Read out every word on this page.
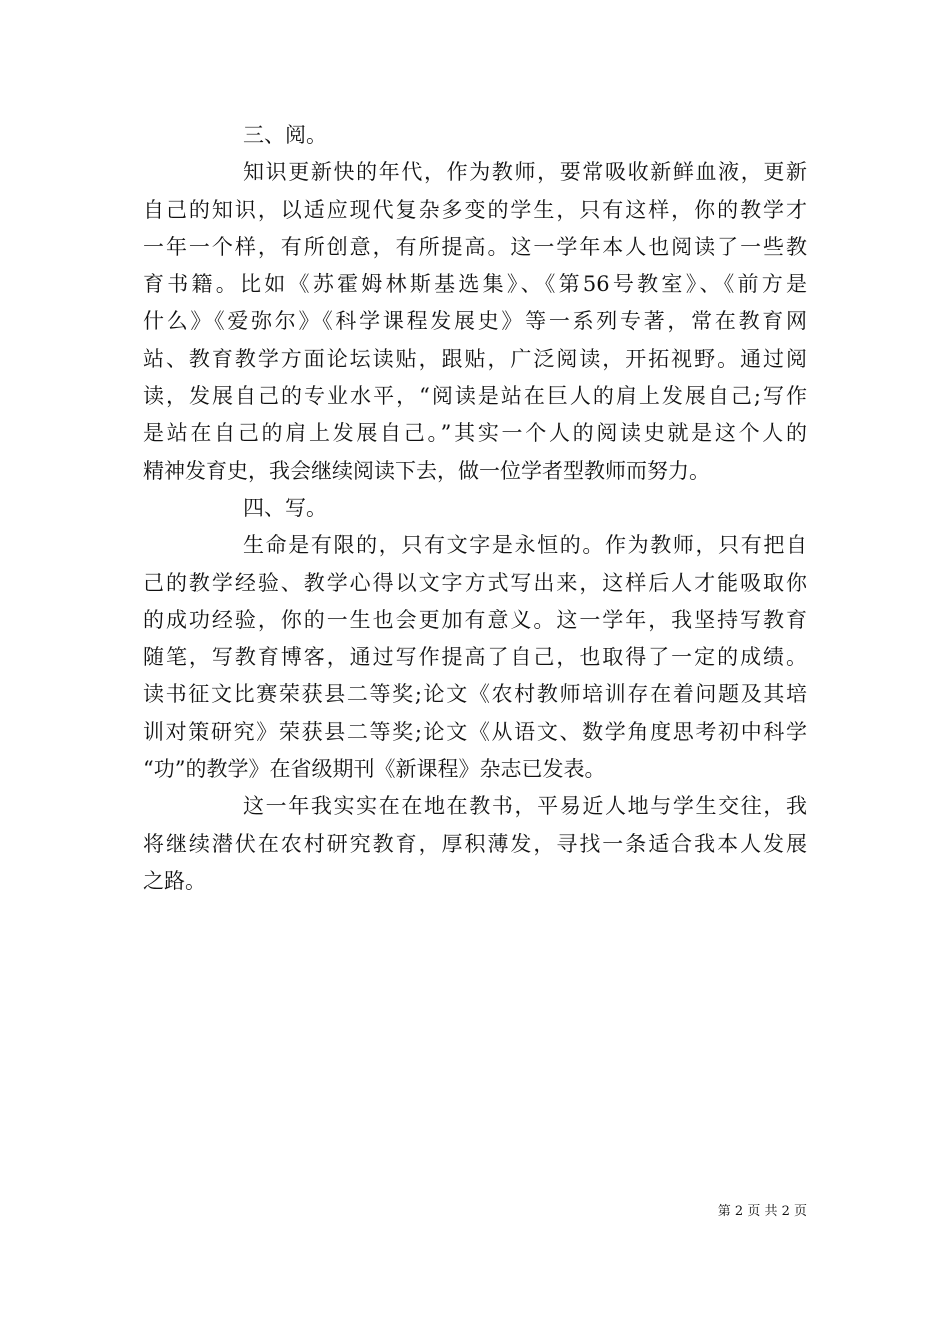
三、阅。
知识更新快的年代，作为教师，要常吸收新鲜血液，更新
自己的知识，以适应现代复杂多变的学生，只有这样，你的教学才
一年一个样，有所创意，有所提高。这一学年本人也阅读了一些教
育书籍。比如《苏霍姆林斯基选集》、《第56号教室》、《前方是
什么》《爱弥尔》《科学课程发展史》等一系列专著，常在教育网
站、教育教学方面论坛读贴，跟贴，广泛阅读，开拓视野。通过阅
读，发展自己的专业水平，“阅读是站在巨人的肩上发展自己;写作
是站在自己的肩上发展自己。”其实一个人的阅读史就是这个人的
精神发育史，我会继续阅读下去，做一位学者型教师而努力。
四、写。
生命是有限的，只有文字是永恒的。作为教师，只有把自
己的教学经验、教学心得以文字方式写出来，这样后人才能吸取你
的成功经验，你的一生也会更加有意义。这一学年，我坚持写教育
随笔，写教育博客，通过写作提高了自己，也取得了一定的成绩。
读书征文比赛荣获县二等奖;论文《农村教师培训存在着问题及其培
训对策研究》荣获县二等奖;论文《从语文、数学角度思考初中科学
“功”的教学》在省级期刊《新课程》杂志已发表。
这一年我实实在在地在教书，平易近人地与学生交往，我
将继续潜伏在农村研究教育，厚积薄发，寻找一条适合我本人发展
之路。
第 2 页 共 2 页
